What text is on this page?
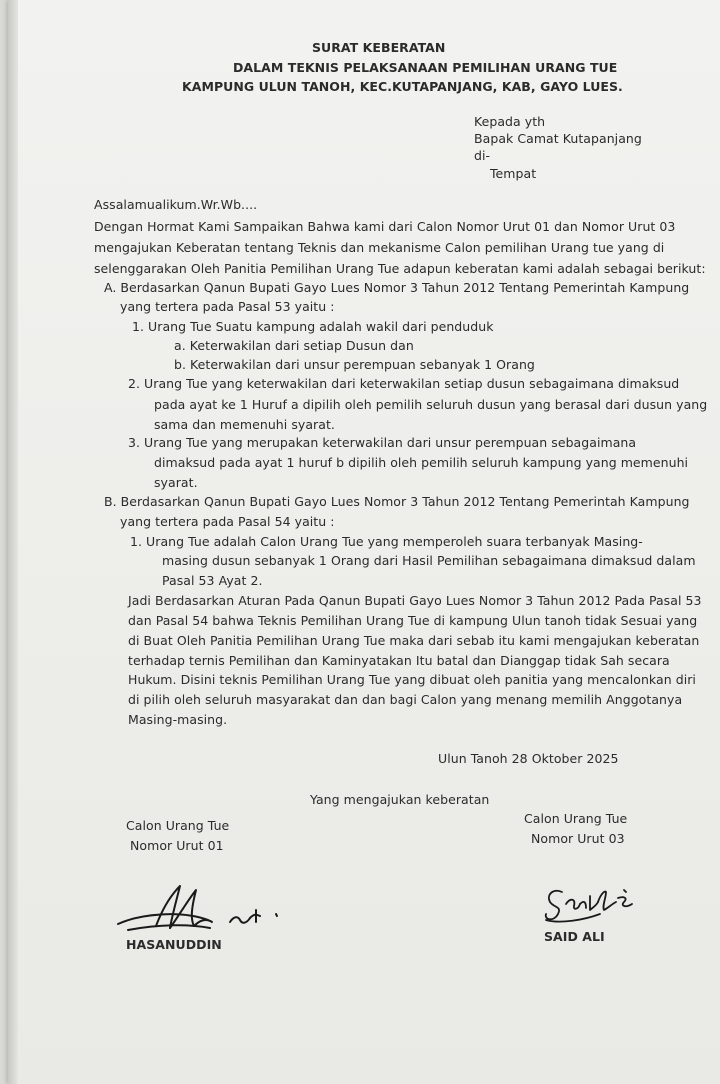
SURAT KEBERATAN
DALAM TEKNIS PELAKSANAAN PEMILIHAN URANG TUE
KAMPUNG ULUN TANOH, KEC.KUTAPANJANG, KAB, GAYO LUES.
Kepada yth
Bapak Camat Kutapanjang
di-
Tempat
Assalamualikum.Wr.Wb....
Dengan Hormat Kami Sampaikan Bahwa kami dari Calon Nomor Urut 01 dan Nomor Urut 03
mengajukan Keberatan tentang Teknis dan mekanisme Calon pemilihan Urang tue yang di
selenggarakan Oleh Panitia Pemilihan Urang Tue adapun keberatan kami adalah sebagai berikut:
A. Berdasarkan Qanun Bupati Gayo Lues Nomor 3 Tahun 2012 Tentang Pemerintah Kampung
yang tertera pada Pasal 53 yaitu :
1. Urang Tue Suatu kampung adalah wakil dari penduduk
a. Keterwakilan dari setiap Dusun dan
b. Keterwakilan dari unsur perempuan sebanyak 1 Orang
2. Urang Tue yang keterwakilan dari keterwakilan setiap dusun sebagaimana dimaksud
pada ayat ke 1 Huruf a dipilih oleh pemilih seluruh dusun yang berasal dari dusun yang
sama dan memenuhi syarat.
3. Urang Tue yang merupakan keterwakilan dari unsur perempuan sebagaimana
dimaksud pada ayat 1 huruf b dipilih oleh pemilih seluruh kampung yang memenuhi
syarat.
B. Berdasarkan Qanun Bupati Gayo Lues Nomor 3 Tahun 2012 Tentang Pemerintah Kampung
yang tertera pada Pasal 54 yaitu :
1. Urang Tue adalah Calon Urang Tue yang memperoleh suara terbanyak Masing-
masing dusun sebanyak 1 Orang dari Hasil Pemilihan sebagaimana dimaksud dalam
Pasal 53 Ayat 2.
Jadi Berdasarkan Aturan Pada Qanun Bupati Gayo Lues Nomor 3 Tahun 2012 Pada Pasal 53
dan Pasal 54 bahwa Teknis Pemilihan Urang Tue di kampung Ulun tanoh tidak Sesuai yang
di Buat Oleh Panitia Pemilihan Urang Tue maka dari sebab itu kami mengajukan keberatan
terhadap ternis Pemilihan dan Kaminyatakan Itu batal dan Dianggap tidak Sah secara
Hukum. Disini teknis Pemilihan Urang Tue yang dibuat oleh panitia yang mencalonkan diri
di pilih oleh seluruh masyarakat dan dan bagi Calon yang menang memilih Anggotanya
Masing-masing.
Ulun Tanoh 28 Oktober 2025
Yang mengajukan keberatan
Calon Urang Tue
Nomor Urut 01
Calon Urang Tue
Nomor Urut 03
HASANUDDIN
SAID ALI
